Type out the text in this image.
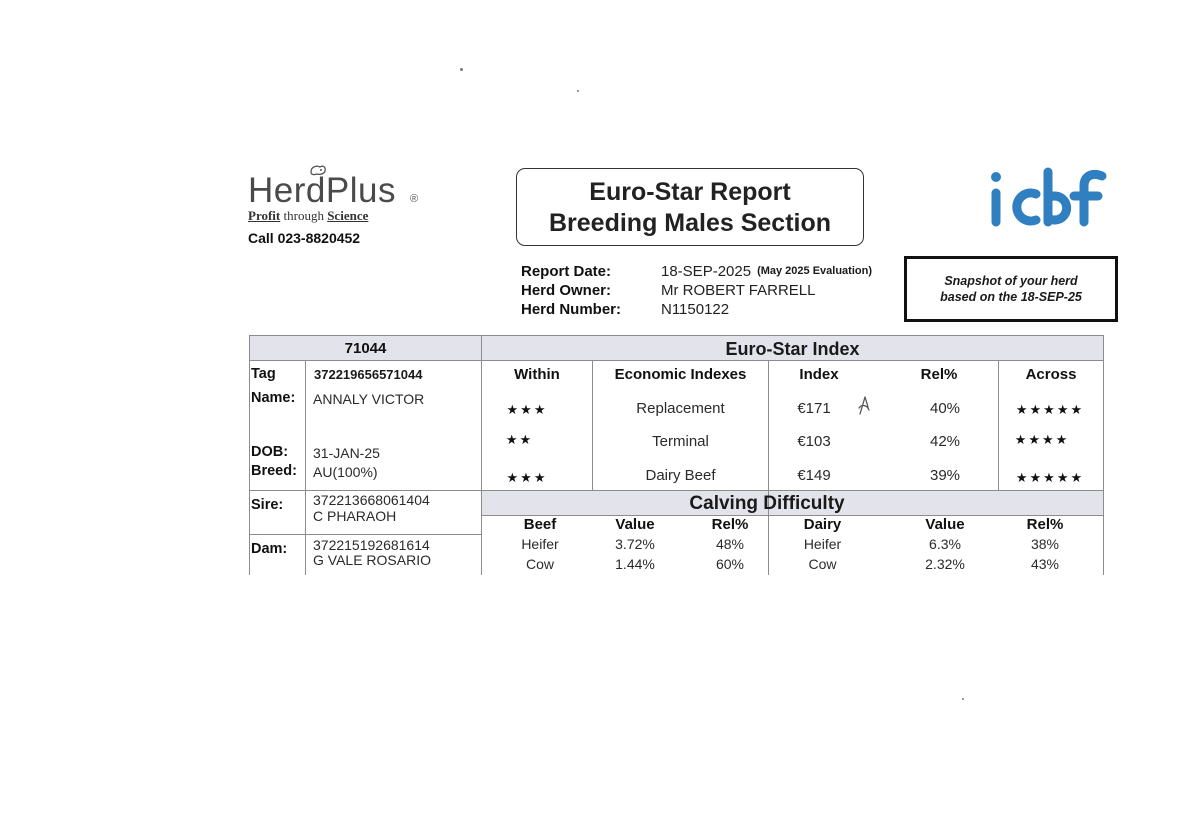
HerdPlus ®
Profit through Science
Call 023-8820452
Euro-Star Report
Breeding Males Section
Report Date:	18-SEP-2025 (May 2025 Evaluation)
Herd Owner:	Mr ROBERT FARRELL
Herd Number:	N1150122
Snapshot of your herd
based on the 18-SEP-25
71044
Tag	372219656571044
Name: ANNALY VICTOR
DOB: 31-JAN-25
Breed: AU(100%)
Sire: 372213668061404
C PHARAOH
Dam: 372215192681614
G VALE ROSARIO
Euro-Star Index
Within	Economic Indexes	Index	Rel%	Across
★★★	Replacement	€171	40%	★★★★★
★★	Terminal	€103	42%	★★★★
★★★	Dairy Beef	€149	39%	★★★★★
Calving Difficulty
Beef	Value	Rel%	Dairy	Value	Rel%
Heifer	3.72%	48%	Heifer	6.3%	38%
Cow	1.44%	60%	Cow	2.32%	43%
